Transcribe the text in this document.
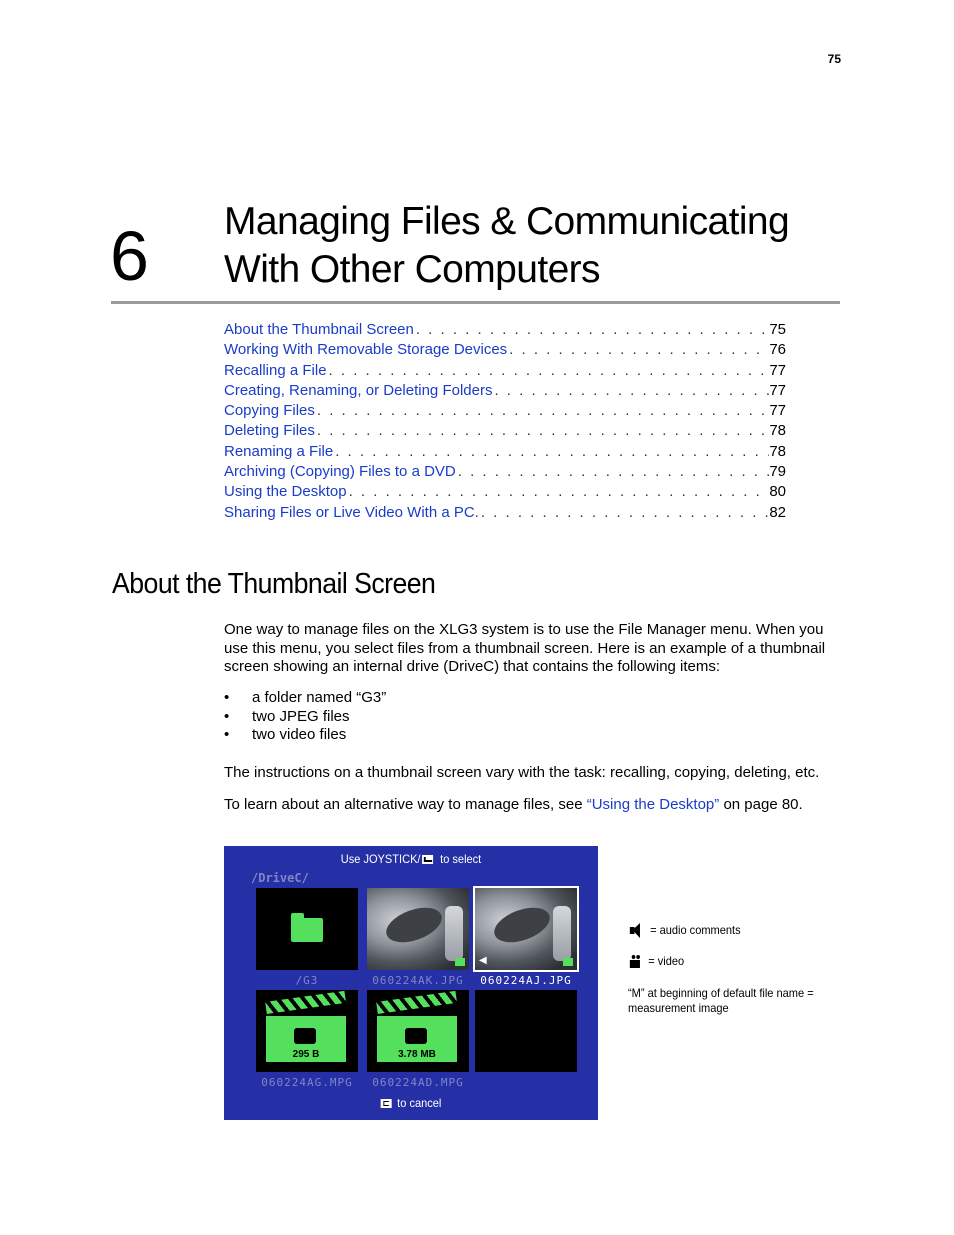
75
6 Managing Files & Communicating
With Other Computers
About the Thumbnail Screen . . .	75
Working With Removable Storage Devices . . .	76
Recalling a File . . .	77
Creating, Renaming, or Deleting Folders . . .	77
Copying Files . . .	77
Deleting Files . . .	78
Renaming a File . . .	78
Archiving (Copying) Files to a DVD . . .	79
Using the Desktop . . .	80
Sharing Files or Live Video With a PC. . . .	82
About the Thumbnail Screen

One way to manage files on the XLG3 system is to use the File Manager menu. When you use this menu, you select files from a thumbnail screen. Here is an example of a thumbnail screen showing an internal drive (DriveC) that contains the following items:

• a folder named “G3”
• two JPEG files
• two video files

The instructions on a thumbnail screen vary with the task: recalling, copying, deleting, etc.

To learn about an alternative way to manage files, see “Using the Desktop” on page 80.

Use JOYSTICK/ to select
/DriveC/
/G3	060224AK.JPG
◀
060224AJ.JPG
295 B
060224AG.MPG
3.78 MB
060224AD.MPG
to cancel
= audio comments
= video
“M” at beginning of default file name = measurement image
